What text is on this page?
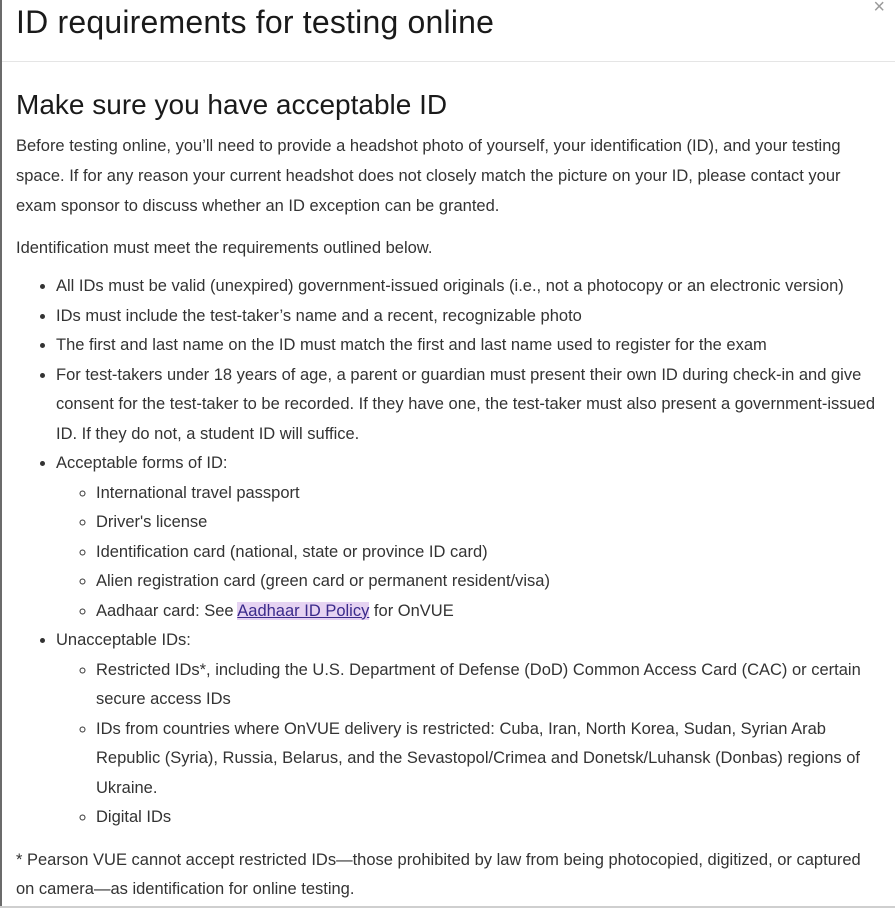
ID requirements for testing online	×
Make sure you have acceptable ID

Before testing online, you’ll need to provide a headshot photo of yourself, your identification (ID), and your testing space. If for any reason your current headshot does not closely match the picture on your ID, please contact your exam sponsor to discuss whether an ID exception can be granted.

Identification must meet the requirements outlined below.

• All IDs must be valid (unexpired) government-issued originals (i.e., not a photocopy or an electronic version)
• IDs must include the test-taker’s name and a recent, recognizable photo
• The first and last name on the ID must match the first and last name used to register for the exam
• For test-takers under 18 years of age, a parent or guardian must present their own ID during check-in and give consent for the test-taker to be recorded. If they have one, the test-taker must also present a government-issued ID. If they do not, a student ID will suffice.
• Acceptable forms of ID:
◦ International travel passport
◦ Driver's license
◦ Identification card (national, state or province ID card)
◦ Alien registration card (green card or permanent resident/visa)
◦ Aadhaar card: See Aadhaar ID Policy for OnVUE
• Unacceptable IDs:
◦ Restricted IDs*, including the U.S. Department of Defense (DoD) Common Access Card (CAC) or certain secure access IDs
◦ IDs from countries where OnVUE delivery is restricted: Cuba, Iran, North Korea, Sudan, Syrian Arab Republic (Syria), Russia, Belarus, and the Sevastopol/Crimea and Donetsk/Luhansk (Donbas) regions of Ukraine.
◦ Digital IDs

* Pearson VUE cannot accept restricted IDs—those prohibited by law from being photocopied, digitized, or captured on camera—as identification for online testing.
